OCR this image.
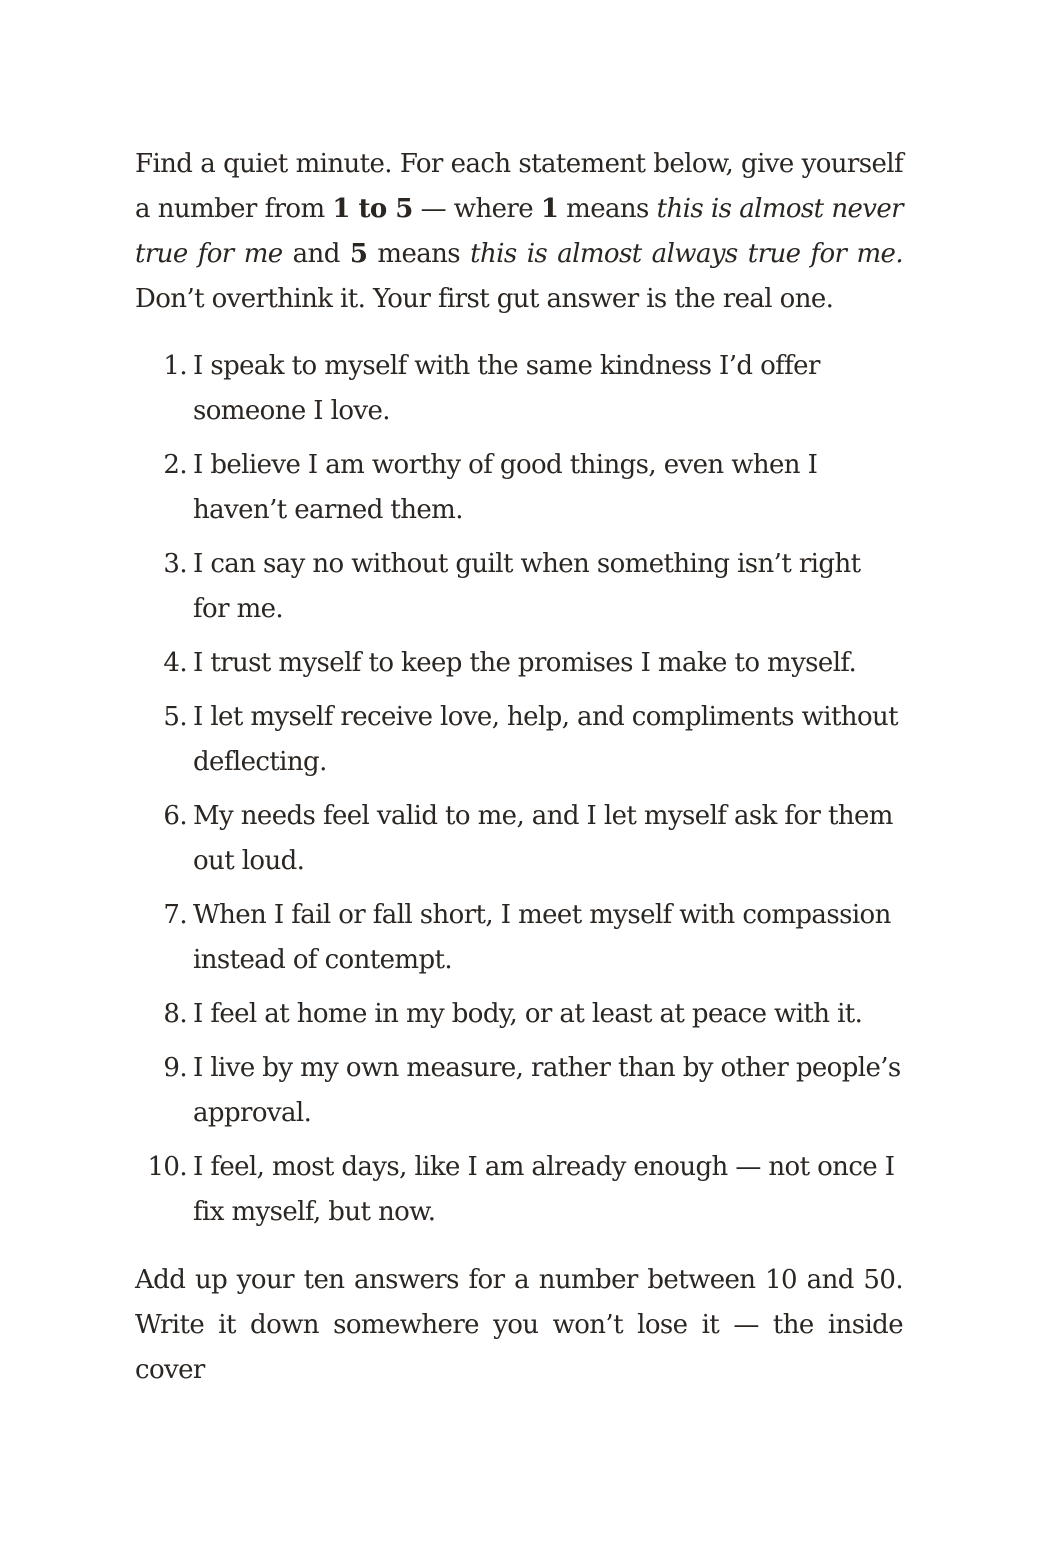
Find a quiet minute. For each statement below, give yourself a number from 1 to 5 — where 1 means this is almost never true for me and 5 means this is almost always true for me. Don’t overthink it. Your first gut answer is the real one.

1. I speak to myself with the same kindness I’d offer someone I love.
2. I believe I am worthy of good things, even when I haven’t earned them.
3. I can say no without guilt when something isn’t right for me.
4. I trust myself to keep the promises I make to myself.
5. I let myself receive love, help, and compliments without deflecting.
6. My needs feel valid to me, and I let myself ask for them out loud.
7. When I fail or fall short, I meet myself with compassion instead of contempt.
8. I feel at home in my body, or at least at peace with it.
9. I live by my own measure, rather than by other people’s approval.
10. I feel, most days, like I am already enough — not once I fix myself, but now.

Add up your ten answers for a number between 10 and 50. Write it down somewhere you won’t lose it — the inside cover
